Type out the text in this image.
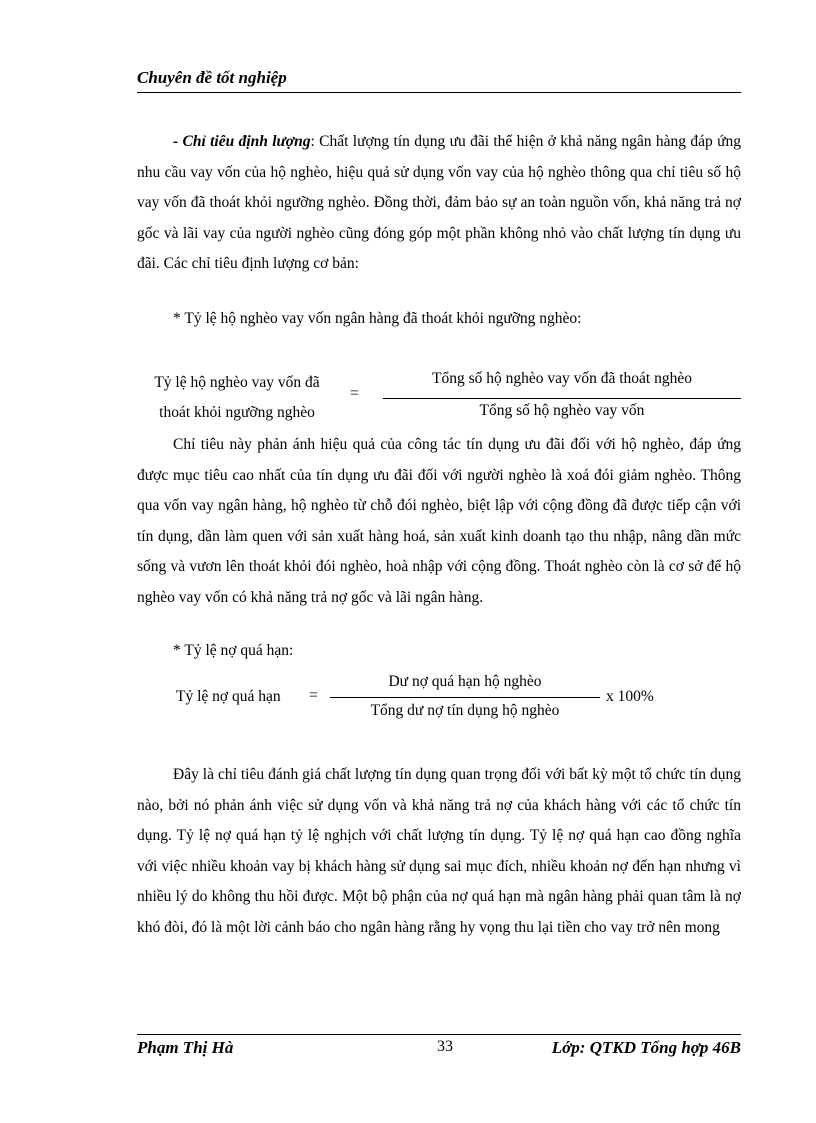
Chuyên đề tốt nghiệp
- Chỉ tiêu định lượng: Chất lượng tín dụng ưu đãi thể hiện ở khả năng ngân hàng đáp ứng nhu cầu vay vốn của hộ nghèo, hiệu quả sử dụng vốn vay của hộ nghèo thông qua chỉ tiêu số hộ vay vốn đã thoát khỏi ngưỡng nghèo. Đồng thời, đảm bảo sự an toàn nguồn vốn, khả năng trả nợ gốc và lãi vay của người nghèo cũng đóng góp một phần không nhỏ vào chất lượng tín dụng ưu đãi. Các chỉ tiêu định lượng cơ bản:
* Tỷ lệ hộ nghèo vay vốn ngân hàng đã thoát khỏi ngưỡng nghèo:
Tỷ lệ hộ nghèo vay vốn đã
thoát khỏi ngưỡng nghèo
=
Tổng số hộ nghèo vay vốn đã thoát nghèo
Tổng số hộ nghèo vay vốn
Chỉ tiêu này phản ánh hiệu quả của công tác tín dụng ưu đãi đối với hộ nghèo, đáp ứng được mục tiêu cao nhất của tín dụng ưu đãi đối với người nghèo là xoá đói giảm nghèo. Thông qua vốn vay ngân hàng, hộ nghèo từ chỗ đói nghèo, biệt lập với cộng đồng đã được tiếp cận với tín dụng, dần làm quen với sản xuất hàng hoá, sản xuất kinh doanh tạo thu nhập, nâng dần mức sống và vươn lên thoát khỏi đói nghèo, hoà nhập với cộng đồng. Thoát nghèo còn là cơ sở để hộ nghèo vay vốn có khả năng trả nợ gốc và lãi ngân hàng.
* Tỷ lệ nợ quá hạn:
Tỷ lệ nợ quá hạn =
Dư nợ quá hạn hộ nghèo
Tổng dư nợ tín dụng hộ nghèo
x 100%
Đây là chỉ tiêu đánh giá chất lượng tín dụng quan trọng đối với bất kỳ một tổ chức tín dụng nào, bởi nó phản ánh việc sử dụng vốn và khả năng trả nợ của khách hàng với các tổ chức tín dụng. Tỷ lệ nợ quá hạn tỷ lệ nghịch với chất lượng tín dụng. Tỷ lệ nợ quá hạn cao đồng nghĩa với việc nhiều khoản vay bị khách hàng sử dụng sai mục đích, nhiều khoản nợ đến hạn nhưng vì nhiều lý do không thu hồi được. Một bộ phận của nợ quá hạn mà ngân hàng phải quan tâm là nợ khó đòi, đó là một lời cảnh báo cho ngân hàng rằng hy vọng thu lại tiền cho vay trở nên mong
Phạm Thị Hà	33	Lớp: QTKD Tổng hợp 46B
